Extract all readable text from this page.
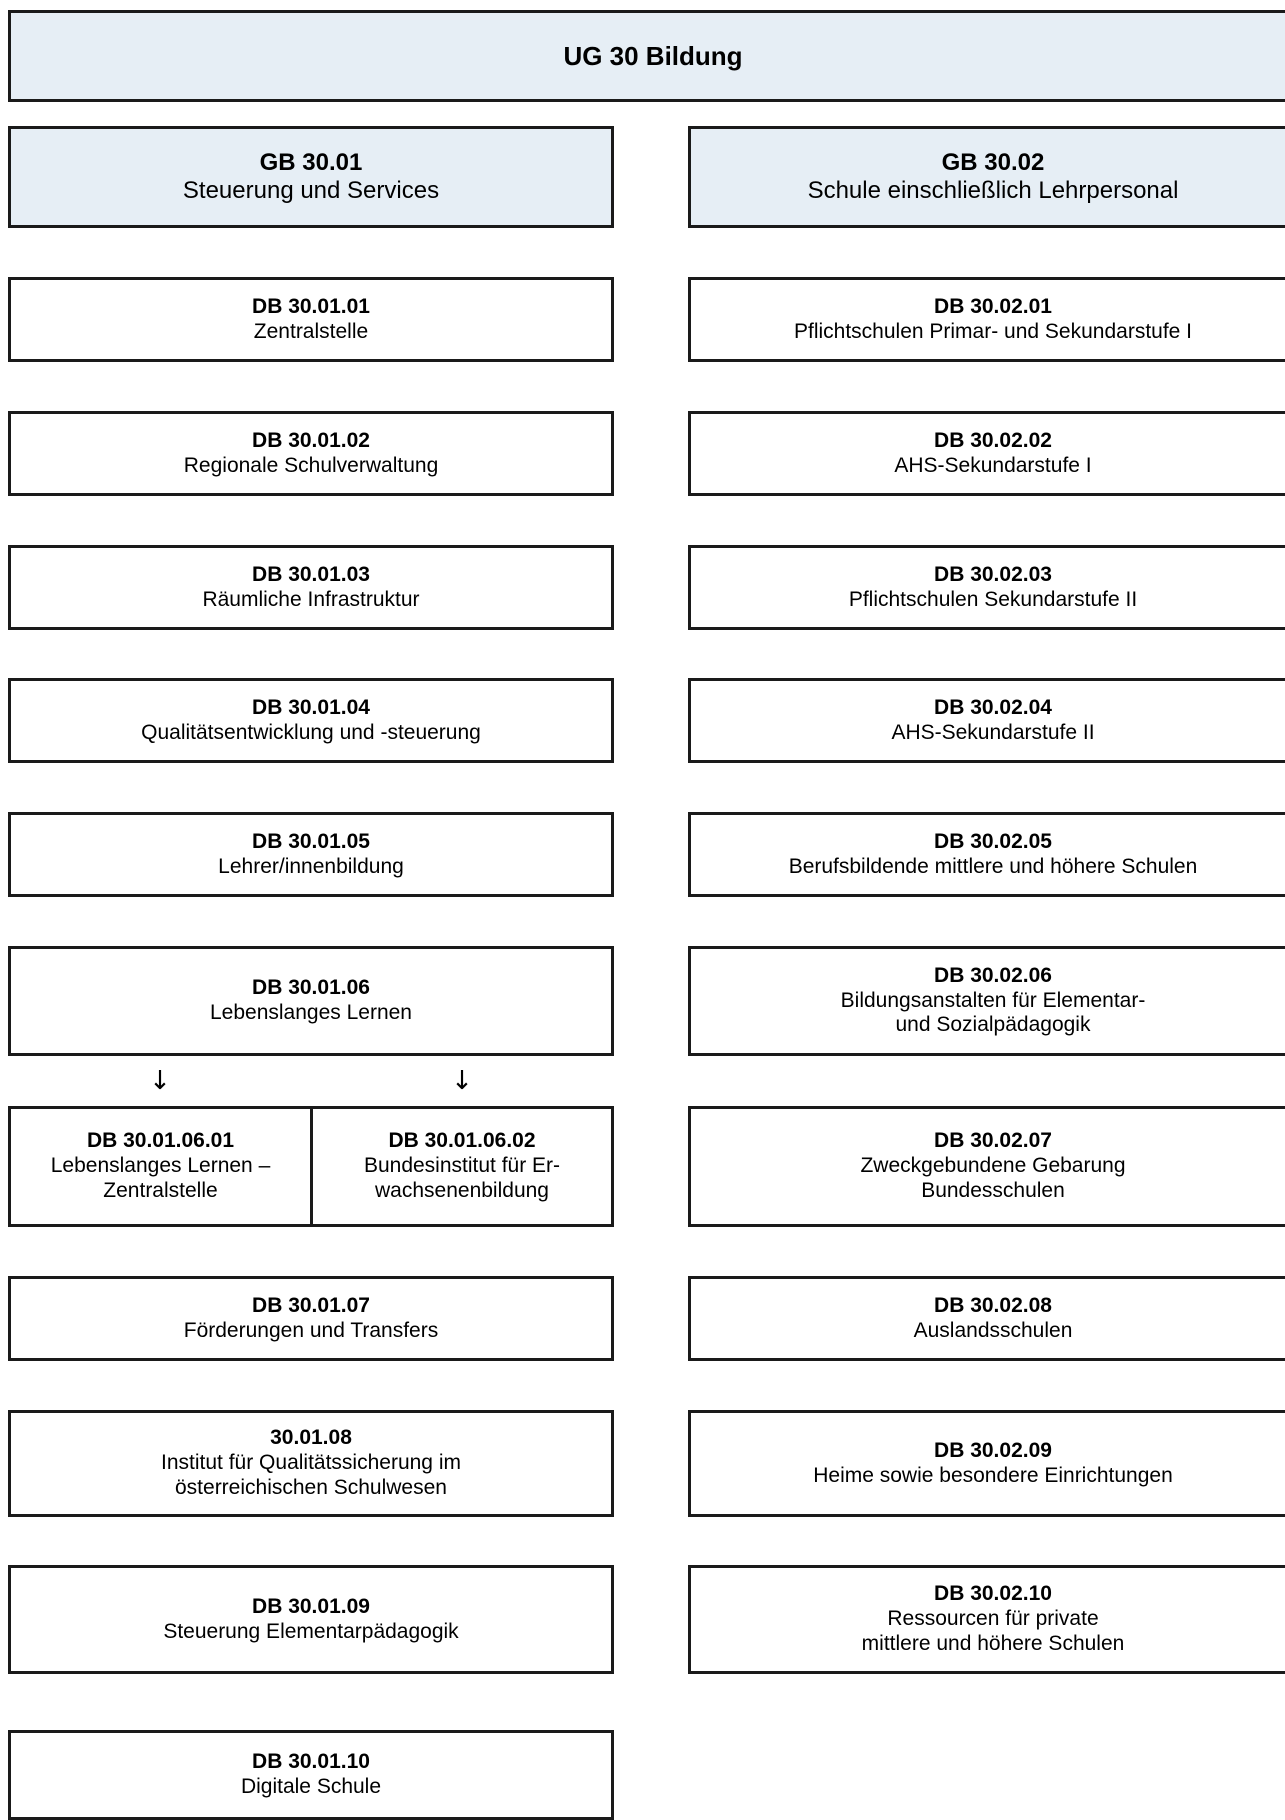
UG 30 Bildung
GB 30.01
Steuerung und Services
GB 30.02
Schule einschließlich Lehrpersonal
DB 30.01.01
Zentralstelle
DB 30.01.02
Regionale Schulverwaltung
DB 30.01.03
Räumliche Infrastruktur
DB 30.01.04
Qualitätsentwicklung und -steuerung
DB 30.01.05
Lehrer/innenbildung
DB 30.01.06
Lebenslanges Lernen
↓	↓
DB 30.01.06.01
Lebenslanges Lernen –
Zentralstelle
DB 30.01.06.02
Bundesinstitut für Er-
wachsenenbildung
DB 30.01.07
Förderungen und Transfers
30.01.08
Institut für Qualitätssicherung im
österreichischen Schulwesen
DB 30.01.09
Steuerung Elementarpädagogik
DB 30.01.10
Digitale Schule
DB 30.02.01
Pflichtschulen Primar- und Sekundarstufe I
DB 30.02.02
AHS-Sekundarstufe I
DB 30.02.03
Pflichtschulen Sekundarstufe II
DB 30.02.04
AHS-Sekundarstufe II
DB 30.02.05
Berufsbildende mittlere und höhere Schulen
DB 30.02.06
Bildungsanstalten für Elementar-
und Sozialpädagogik
DB 30.02.07
Zweckgebundene Gebarung
Bundesschulen
DB 30.02.08
Auslandsschulen
DB 30.02.09
Heime sowie besondere Einrichtungen
DB 30.02.10
Ressourcen für private
mittlere und höhere Schulen
